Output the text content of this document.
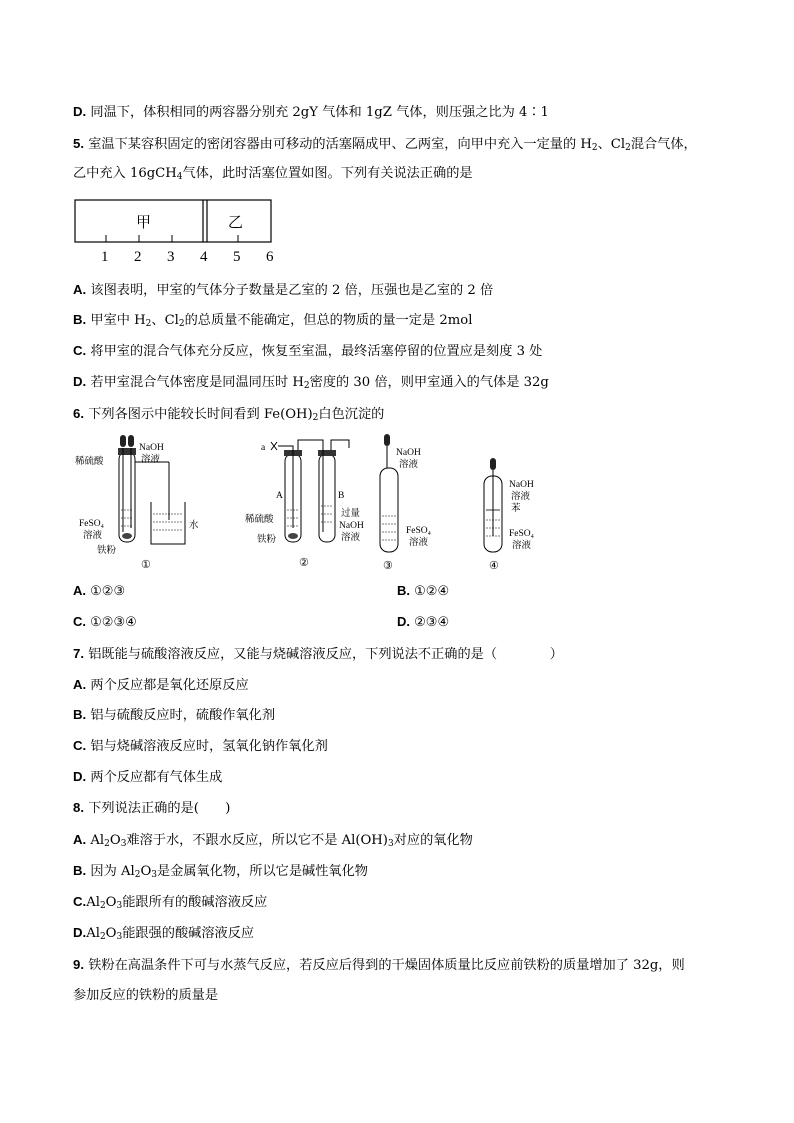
D. 同温下，体积相同的两容器分别充 2gY 气体和 1gZ 气体，则压强之比为 4∶1
5. 室温下某容积固定的密闭容器由可移动的活塞隔成甲、乙两室，向甲中充入一定量的 $H_2$、$Cl_2$混合气体，
乙中充入 16gCH$_4$气体，此时活塞位置如图。下列有关说法正确的是
甲	乙
1 2 3 4 5 6
A. 该图表明，甲室的气体分子数量是乙室的 2 倍，压强也是乙室的 2 倍
B. 甲室中 $H_2$、$Cl_2$的总质量不能确定，但总的物质的量一定是 2mol
C. 将甲室的混合气体充分反应，恢复至室温，最终活塞停留的位置应是刻度 3 处
D. 若甲室混合气体密度是同温同压时 $H_2$密度的 30 倍，则甲室通入的气体是 32g
6. 下列各图示中能较长时间看到 $Fe(OH)_2$白色沉淀的
NaOH
溶液
稀硫酸
FeSO₄
溶液
铁粉
水
①
a
A	B
稀硫酸
铁粉
过量
NaOH
溶液
②
NaOH
溶液
FeSO₄
溶液
③
NaOH
溶液
苯
FeSO₄
溶液
④
A. ①②③	B. ①②④
C. ①②③④	D. ②③④
7. 铝既能与硫酸溶液反应，又能与烧碱溶液反应，下列说法不正确的是（　　　　）
A. 两个反应都是氧化还原反应
B. 铝与硫酸反应时，硫酸作氧化剂
C. 铝与烧碱溶液反应时，氢氧化钠作氧化剂
D. 两个反应都有气体生成
8. 下列说法正确的是(　　)
A. $Al_2O_3$难溶于水，不跟水反应，所以它不是 $Al(OH)_3$对应的氧化物
B. 因为 $Al_2O_3$是金属氧化物，所以它是碱性氧化物
$C.Al_2O_3$能跟所有的酸碱溶液反应
$D.Al_2O_3$能跟强的酸碱溶液反应
9. 铁粉在高温条件下可与水蒸气反应，若反应后得到的干燥固体质量比反应前铁粉的质量增加了 32g，则
参加反应的铁粉的质量是
